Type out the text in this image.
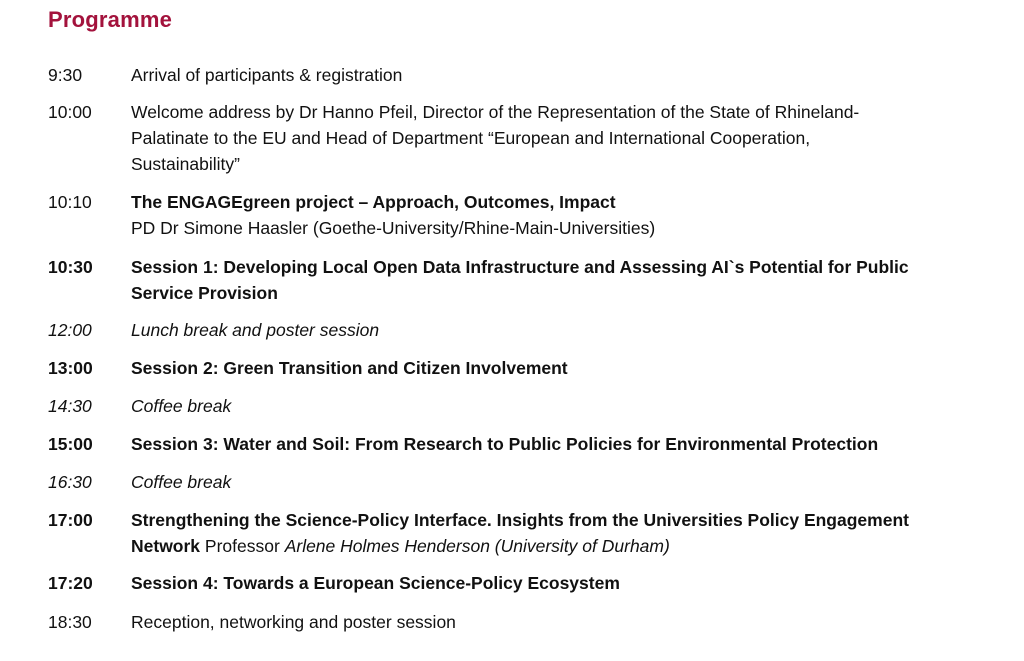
Programme
9:30	Arrival of participants & registration
10:00	Welcome address by Dr Hanno Pfeil, Director of the Representation of the State of Rhineland-
Palatinate to the EU and Head of Department “European and International Cooperation,
Sustainability”
10:10	The ENGAGEgreen project – Approach, Outcomes, Impact
PD Dr Simone Haasler (Goethe-University/Rhine-Main-Universities)
10:30	Session 1: Developing Local Open Data Infrastructure and Assessing AI`s Potential for Public
Service Provision
12:00	Lunch break and poster session
13:00	Session 2: Green Transition and Citizen Involvement
14:30	Coffee break
15:00	Session 3: Water and Soil: From Research to Public Policies for Environmental Protection
16:30	Coffee break
17:00	Strengthening the Science-Policy Interface. Insights from the Universities Policy Engagement
Network Professor Arlene Holmes Henderson (University of Durham)
17:20	Session 4: Towards a European Science-Policy Ecosystem
18:30	Reception, networking and poster session
